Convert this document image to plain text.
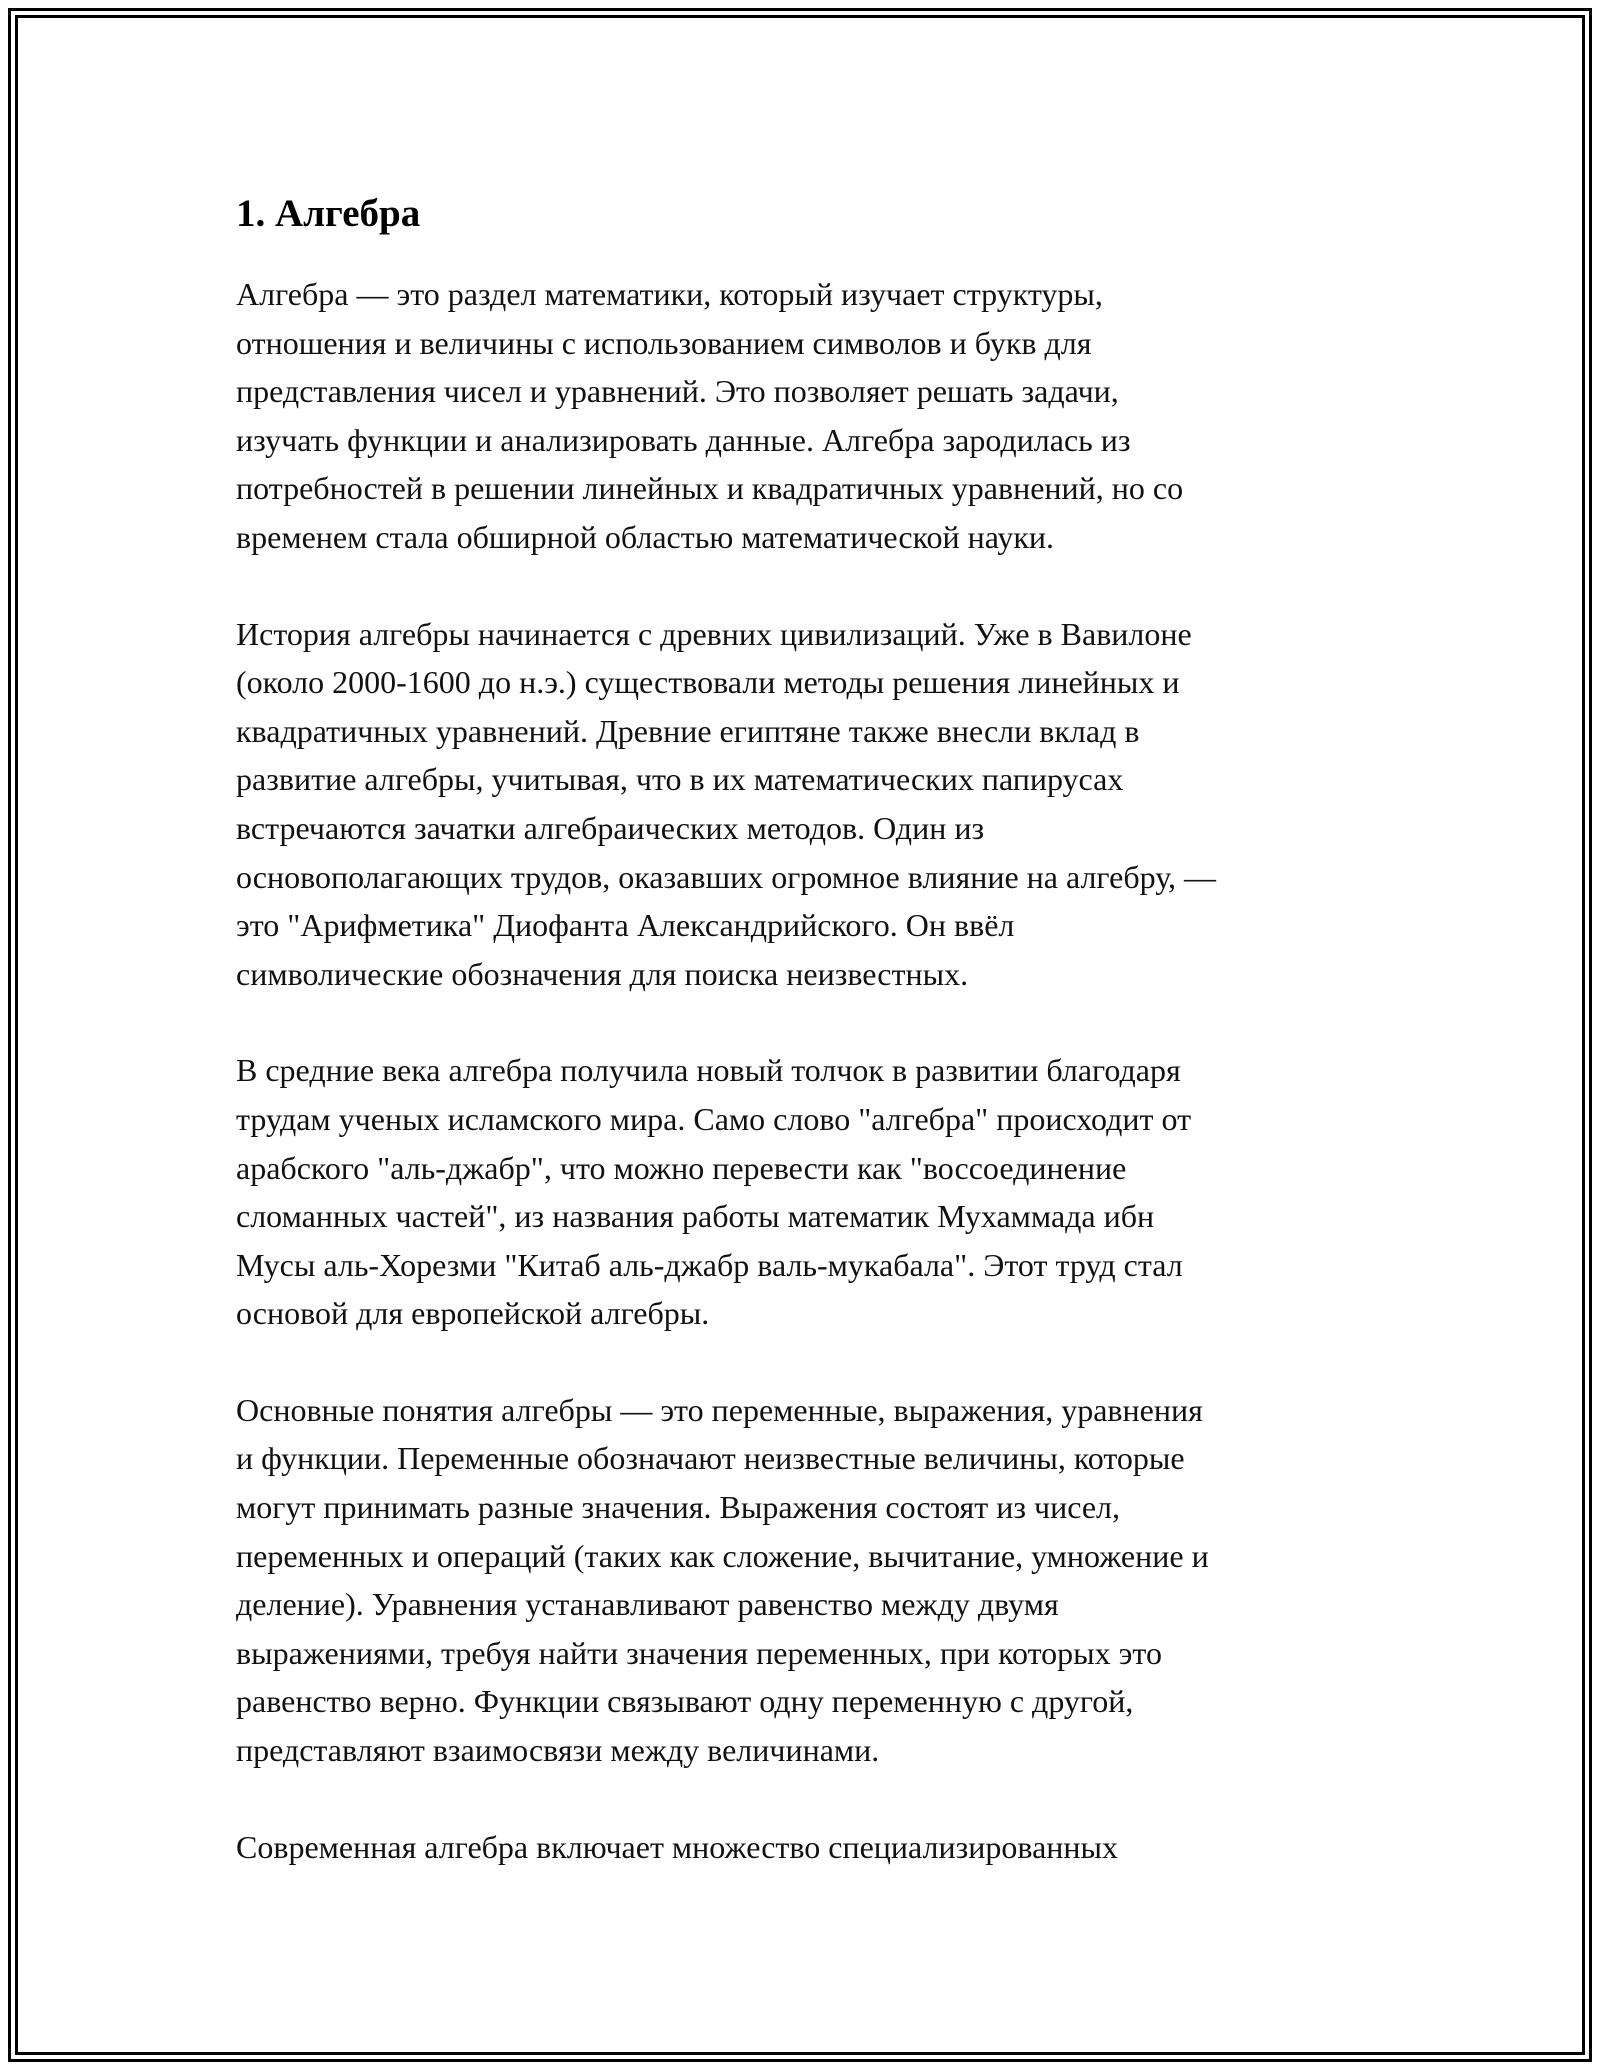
1. Алгебра

Алгебра — это раздел математики, который изучает структуры,
отношения и величины с использованием символов и букв для
представления чисел и уравнений. Это позволяет решать задачи,
изучать функции и анализировать данные. Алгебра зародилась из
потребностей в решении линейных и квадратичных уравнений, но со
временем стала обширной областью математической науки.

История алгебры начинается с древних цивилизаций. Уже в Вавилоне
(около 2000-1600 до н.э.) существовали методы решения линейных и
квадратичных уравнений. Древние египтяне также внесли вклад в
развитие алгебры, учитывая, что в их математических папирусах
встречаются зачатки алгебраических методов. Один из
основополагающих трудов, оказавших огромное влияние на алгебру, —
это "Арифметика" Диофанта Александрийского. Он ввёл
символические обозначения для поиска неизвестных.

В средние века алгебра получила новый толчок в развитии благодаря
трудам ученых исламского мира. Само слово "алгебра" происходит от
арабского "аль-джабр", что можно перевести как "воссоединение
сломанных частей", из названия работы математик Мухаммада ибн
Мусы аль-Хорезми "Китаб аль-джабр валь-мукабала". Этот труд стал
основой для европейской алгебры.

Основные понятия алгебры — это переменные, выражения, уравнения
и функции. Переменные обозначают неизвестные величины, которые
могут принимать разные значения. Выражения состоят из чисел,
переменных и операций (таких как сложение, вычитание, умножение и
деление). Уравнения устанавливают равенство между двумя
выражениями, требуя найти значения переменных, при которых это
равенство верно. Функции связывают одну переменную с другой,
представляют взаимосвязи между величинами.

Современная алгебра включает множество специализированных
